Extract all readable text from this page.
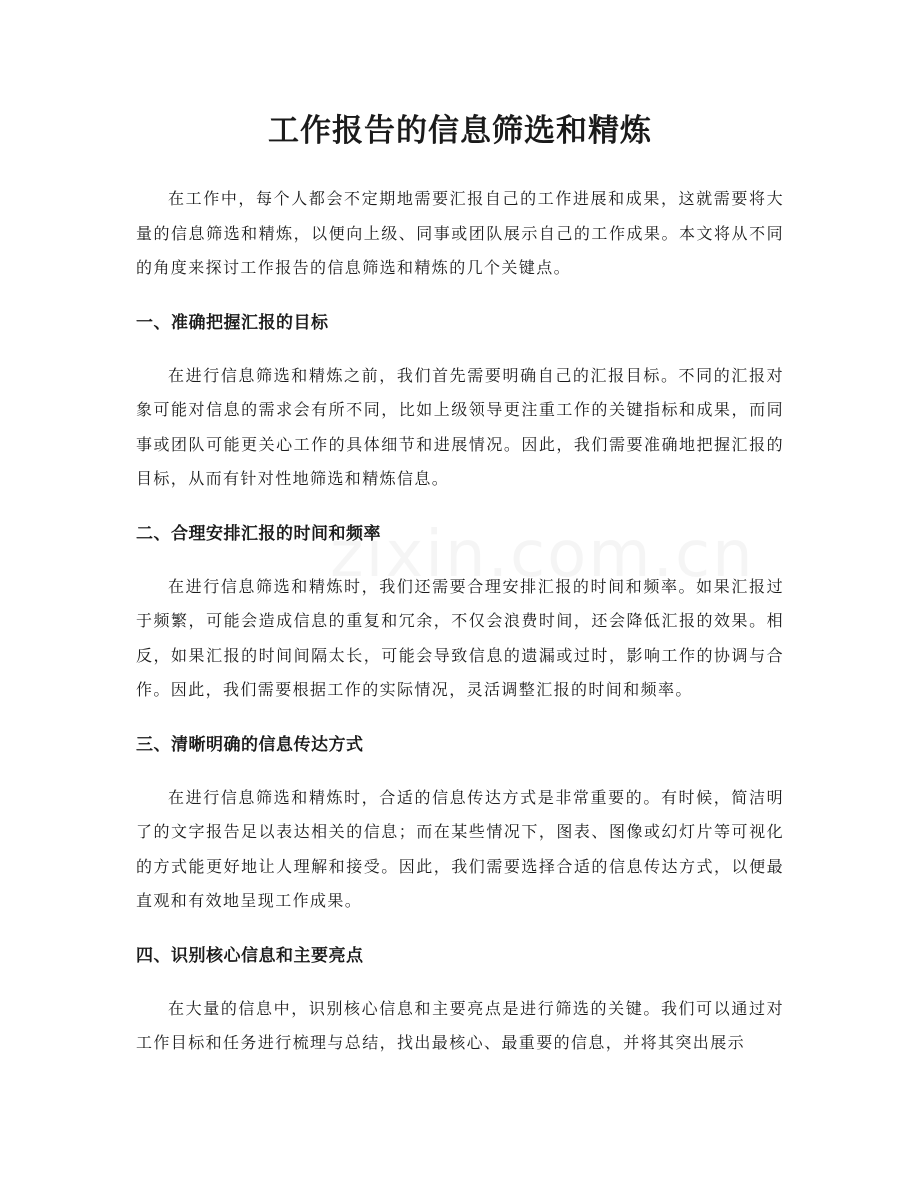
工作报告的信息筛选和精炼

在工作中，每个人都会不定期地需要汇报自己的工作进展和成果，这就需要将大量的信息筛选和精炼，以便向上级、同事或团队展示自己的工作成果。本文将从不同的角度来探讨工作报告的信息筛选和精炼的几个关键点。

一、准确把握汇报的目标

在进行信息筛选和精炼之前，我们首先需要明确自己的汇报目标。不同的汇报对象可能对信息的需求会有所不同，比如上级领导更注重工作的关键指标和成果，而同事或团队可能更关心工作的具体细节和进展情况。因此，我们需要准确地把握汇报的目标，从而有针对性地筛选和精炼信息。

二、合理安排汇报的时间和频率

在进行信息筛选和精炼时，我们还需要合理安排汇报的时间和频率。如果汇报过于频繁，可能会造成信息的重复和冗余，不仅会浪费时间，还会降低汇报的效果。相反，如果汇报的时间间隔太长，可能会导致信息的遗漏或过时，影响工作的协调与合作。因此，我们需要根据工作的实际情况，灵活调整汇报的时间和频率。

三、清晰明确的信息传达方式

在进行信息筛选和精炼时，合适的信息传达方式是非常重要的。有时候，简洁明了的文字报告足以表达相关的信息；而在某些情况下，图表、图像或幻灯片等可视化的方式能更好地让人理解和接受。因此，我们需要选择合适的信息传达方式，以便最直观和有效地呈现工作成果。

四、识别核心信息和主要亮点

在大量的信息中，识别核心信息和主要亮点是进行筛选的关键。我们可以通过对工作目标和任务进行梳理与总结，找出最核心、最重要的信息，并将其突出展示
